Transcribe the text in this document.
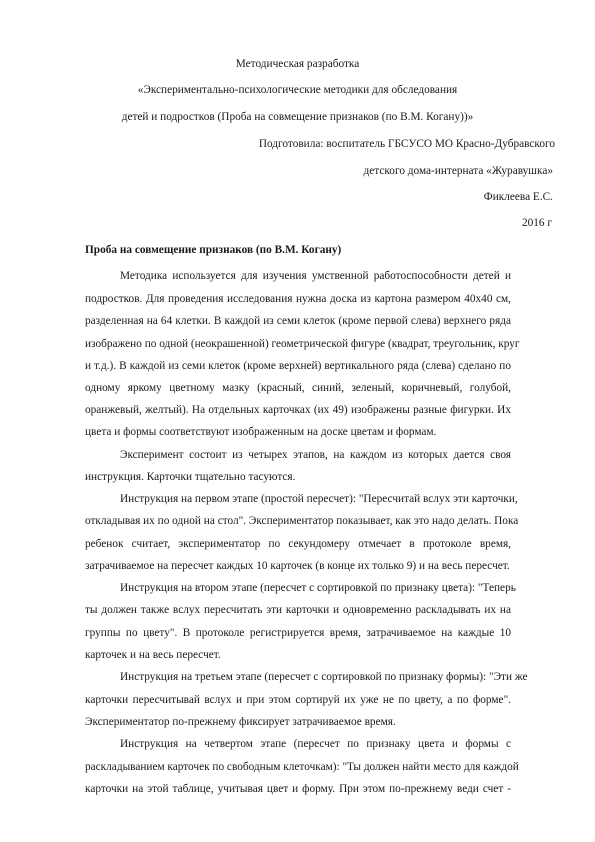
Методическая разработка
«Экспериментально-психологические методики для обследования
детей и подростков (Проба на совмещение признаков (по В.М. Когану))»
Подготовила: воспитатель ГБСУСО МО Красно-Дубравского
детского дома-интерната «Журавушка»
Фиклеева Е.С.
2016 г
Проба на совмещение признаков (по В.М. Когану)
Методика используется для изучения умственной работоспособности детей и
подростков. Для проведения исследования нужна доска из картона размером 40x40 см,
разделенная на 64 клетки. В каждой из семи клеток (кроме первой слева) верхнего ряда
изображено по одной (неокрашенной) геометрической фигуре (квадрат, треугольник, круг
и т.д.). В каждой из семи клеток (кроме верхней) вертикального ряда (слева) сделано по
одному яркому цветному мазку (красный, синий, зеленый, коричневый, голубой,
оранжевый, желтый). На отдельных карточках (их 49) изображены разные фигурки. Их
цвета и формы соответствуют изображенным на доске цветам и формам.
Эксперимент состоит из четырех этапов, на каждом из которых дается своя
инструкция. Карточки тщательно тасуются.
Инструкция на первом этапе (простой пересчет): "Пересчитай вслух эти карточки,
откладывая их по одной на стол". Экспериментатор показывает, как это надо делать. Пока
ребенок считает, экспериментатор по секундомеру отмечает в протоколе время,
затрачиваемое на пересчет каждых 10 карточек (в конце их только 9) и на весь пересчет.
Инструкция на втором этапе (пересчет с сортировкой по признаку цвета): "Теперь
ты должен также вслух пересчитать эти карточки и одновременно раскладывать их на
группы по цвету". В протоколе регистрируется время, затрачиваемое на каждые 10
карточек и на весь пересчет.
Инструкция на третьем этапе (пересчет с сортировкой по признаку формы): "Эти же
карточки пересчитывай вслух и при этом сортируй их уже не по цвету, а по форме".
Экспериментатор по-прежнему фиксирует затрачиваемое время.
Инструкция на четвертом этапе (пересчет по признаку цвета и формы с
раскладыванием карточек по свободным клеточкам): "Ты должен найти место для каждой
карточки на этой таблице, учитывая цвет и форму. При этом по-прежнему веди счет -
